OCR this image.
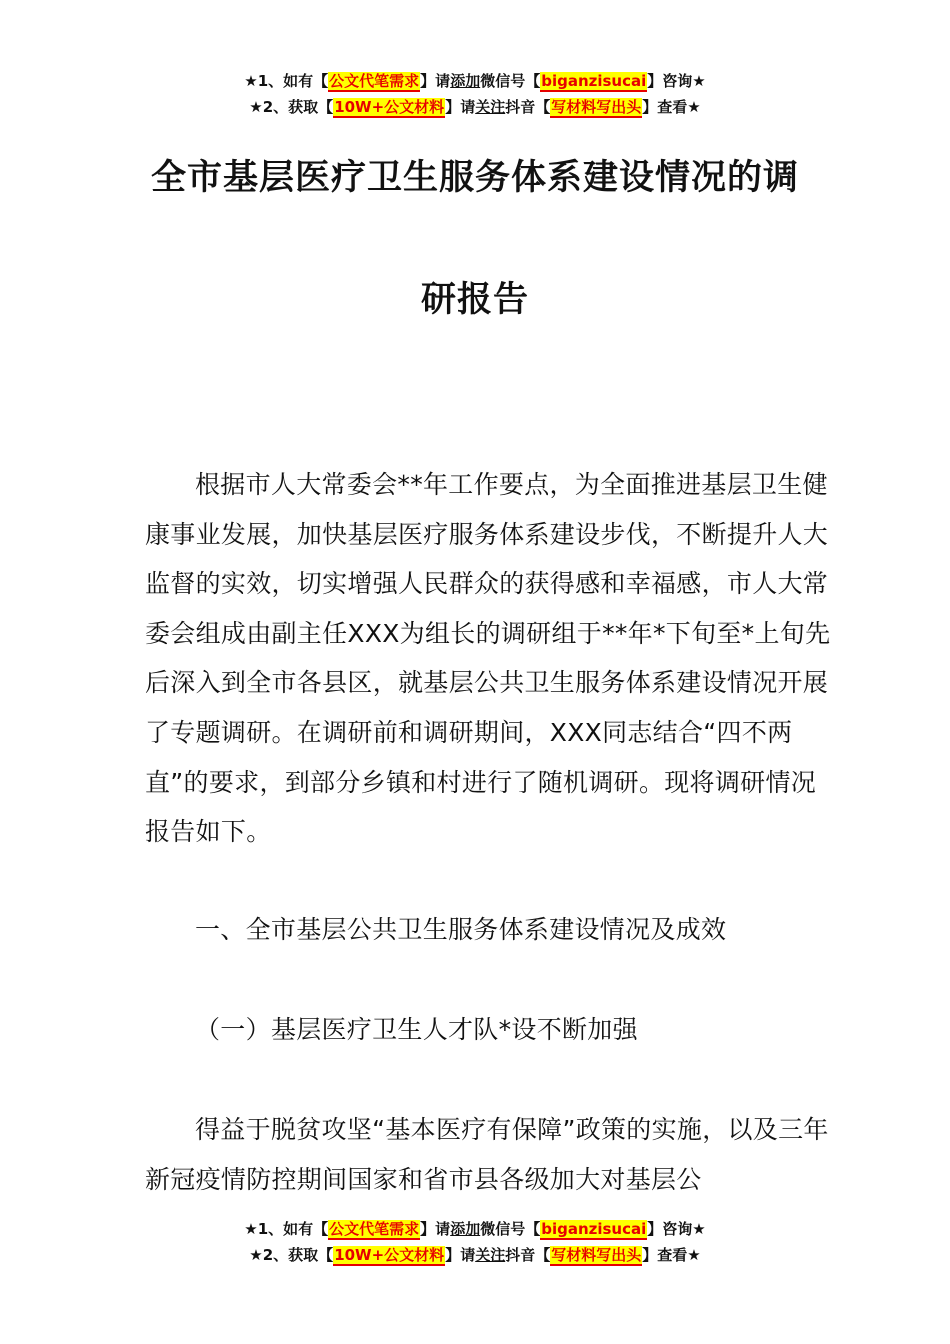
★1、如有【公文代笔需求】请添加微信号【biganzisucai】咨询★
★2、获取【10W+公文材料】请关注抖音【写材料写出头】查看★
全市基层医疗卫生服务体系建设情况的调
研报告
根据市人大常委会**年工作要点，为全面推进基层卫生健康事业发展，加快基层医疗服务体系建设步伐，不断提升人大监督的实效，切实增强人民群众的获得感和幸福感，市人大常委会组成由副主任XXX为组长的调研组于**年*下旬至*上旬先后深入到全市各县区，就基层公共卫生服务体系建设情况开展了专题调研。在调研前和调研期间，XXX同志结合“四不两直”的要求，到部分乡镇和村进行了随机调研。现将调研情况报告如下。
一、全市基层公共卫生服务体系建设情况及成效
（一）基层医疗卫生人才队*设不断加强
得益于脱贫攻坚“基本医疗有保障”政策的实施，以及三年新冠疫情防控期间国家和省市县各级加大对基层公
★1、如有【公文代笔需求】请添加微信号【biganzisucai】咨询★
★2、获取【10W+公文材料】请关注抖音【写材料写出头】查看★
